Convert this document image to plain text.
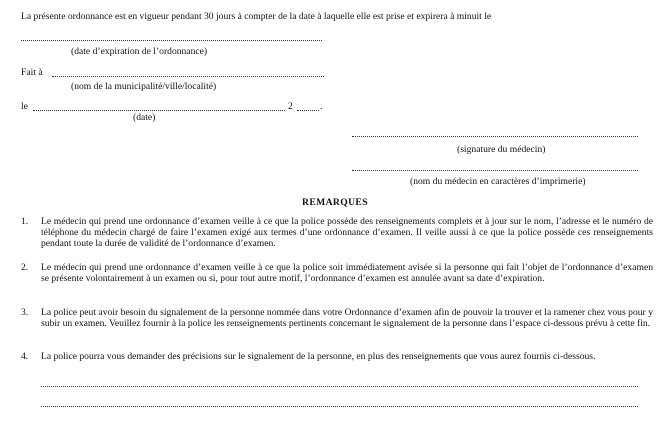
La présente ordonnance est en vigueur pendant 30 jours à compter de la date à laquelle elle est prise et expirera à minuit le
(date d’expiration de l’ordonnance)
Fait à
(nom de la municipalité/ville/localité)
le	2	.
(date)
(signature du médecin)
(nom du médecin en caractères d’imprimerie)
REMARQUES
1. Le médecin qui prend une ordonnance d’examen veille à ce que la police possède des renseignements complets et à jour sur le nom, l’adresse et le numéro de téléphone du médecin chargé de faire l’examen exigé aux termes d’une ordonnance d’examen. Il veille aussi à ce que la police possède ces renseignements pendant toute la durée de validité de l’ordonnance d’examen.
2. Le médecin qui prend une ordonnance d’examen veille à ce que la police soit immédiatement avisée si la personne qui fait l’objet de l’ordonnance d’examen se présente volontairement à un examen ou si, pour tout autre motif, l’ordonnance d’examen est annulée avant sa date d’expiration.
3. La police peut avoir besoin du signalement de la personne nommée dans votre Ordonnance d’examen afin de pouvoir la trouver et la ramener chez vous pour y subir un examen. Veuillez fournir à la police les renseignements pertinents concernant le signalement de la personne dans l’espace ci-dessous prévu à cette fin.
4. La police pourra vous demander des précisions sur le signalement de la personne, en plus des renseignements que vous aurez fournis ci-dessous.
